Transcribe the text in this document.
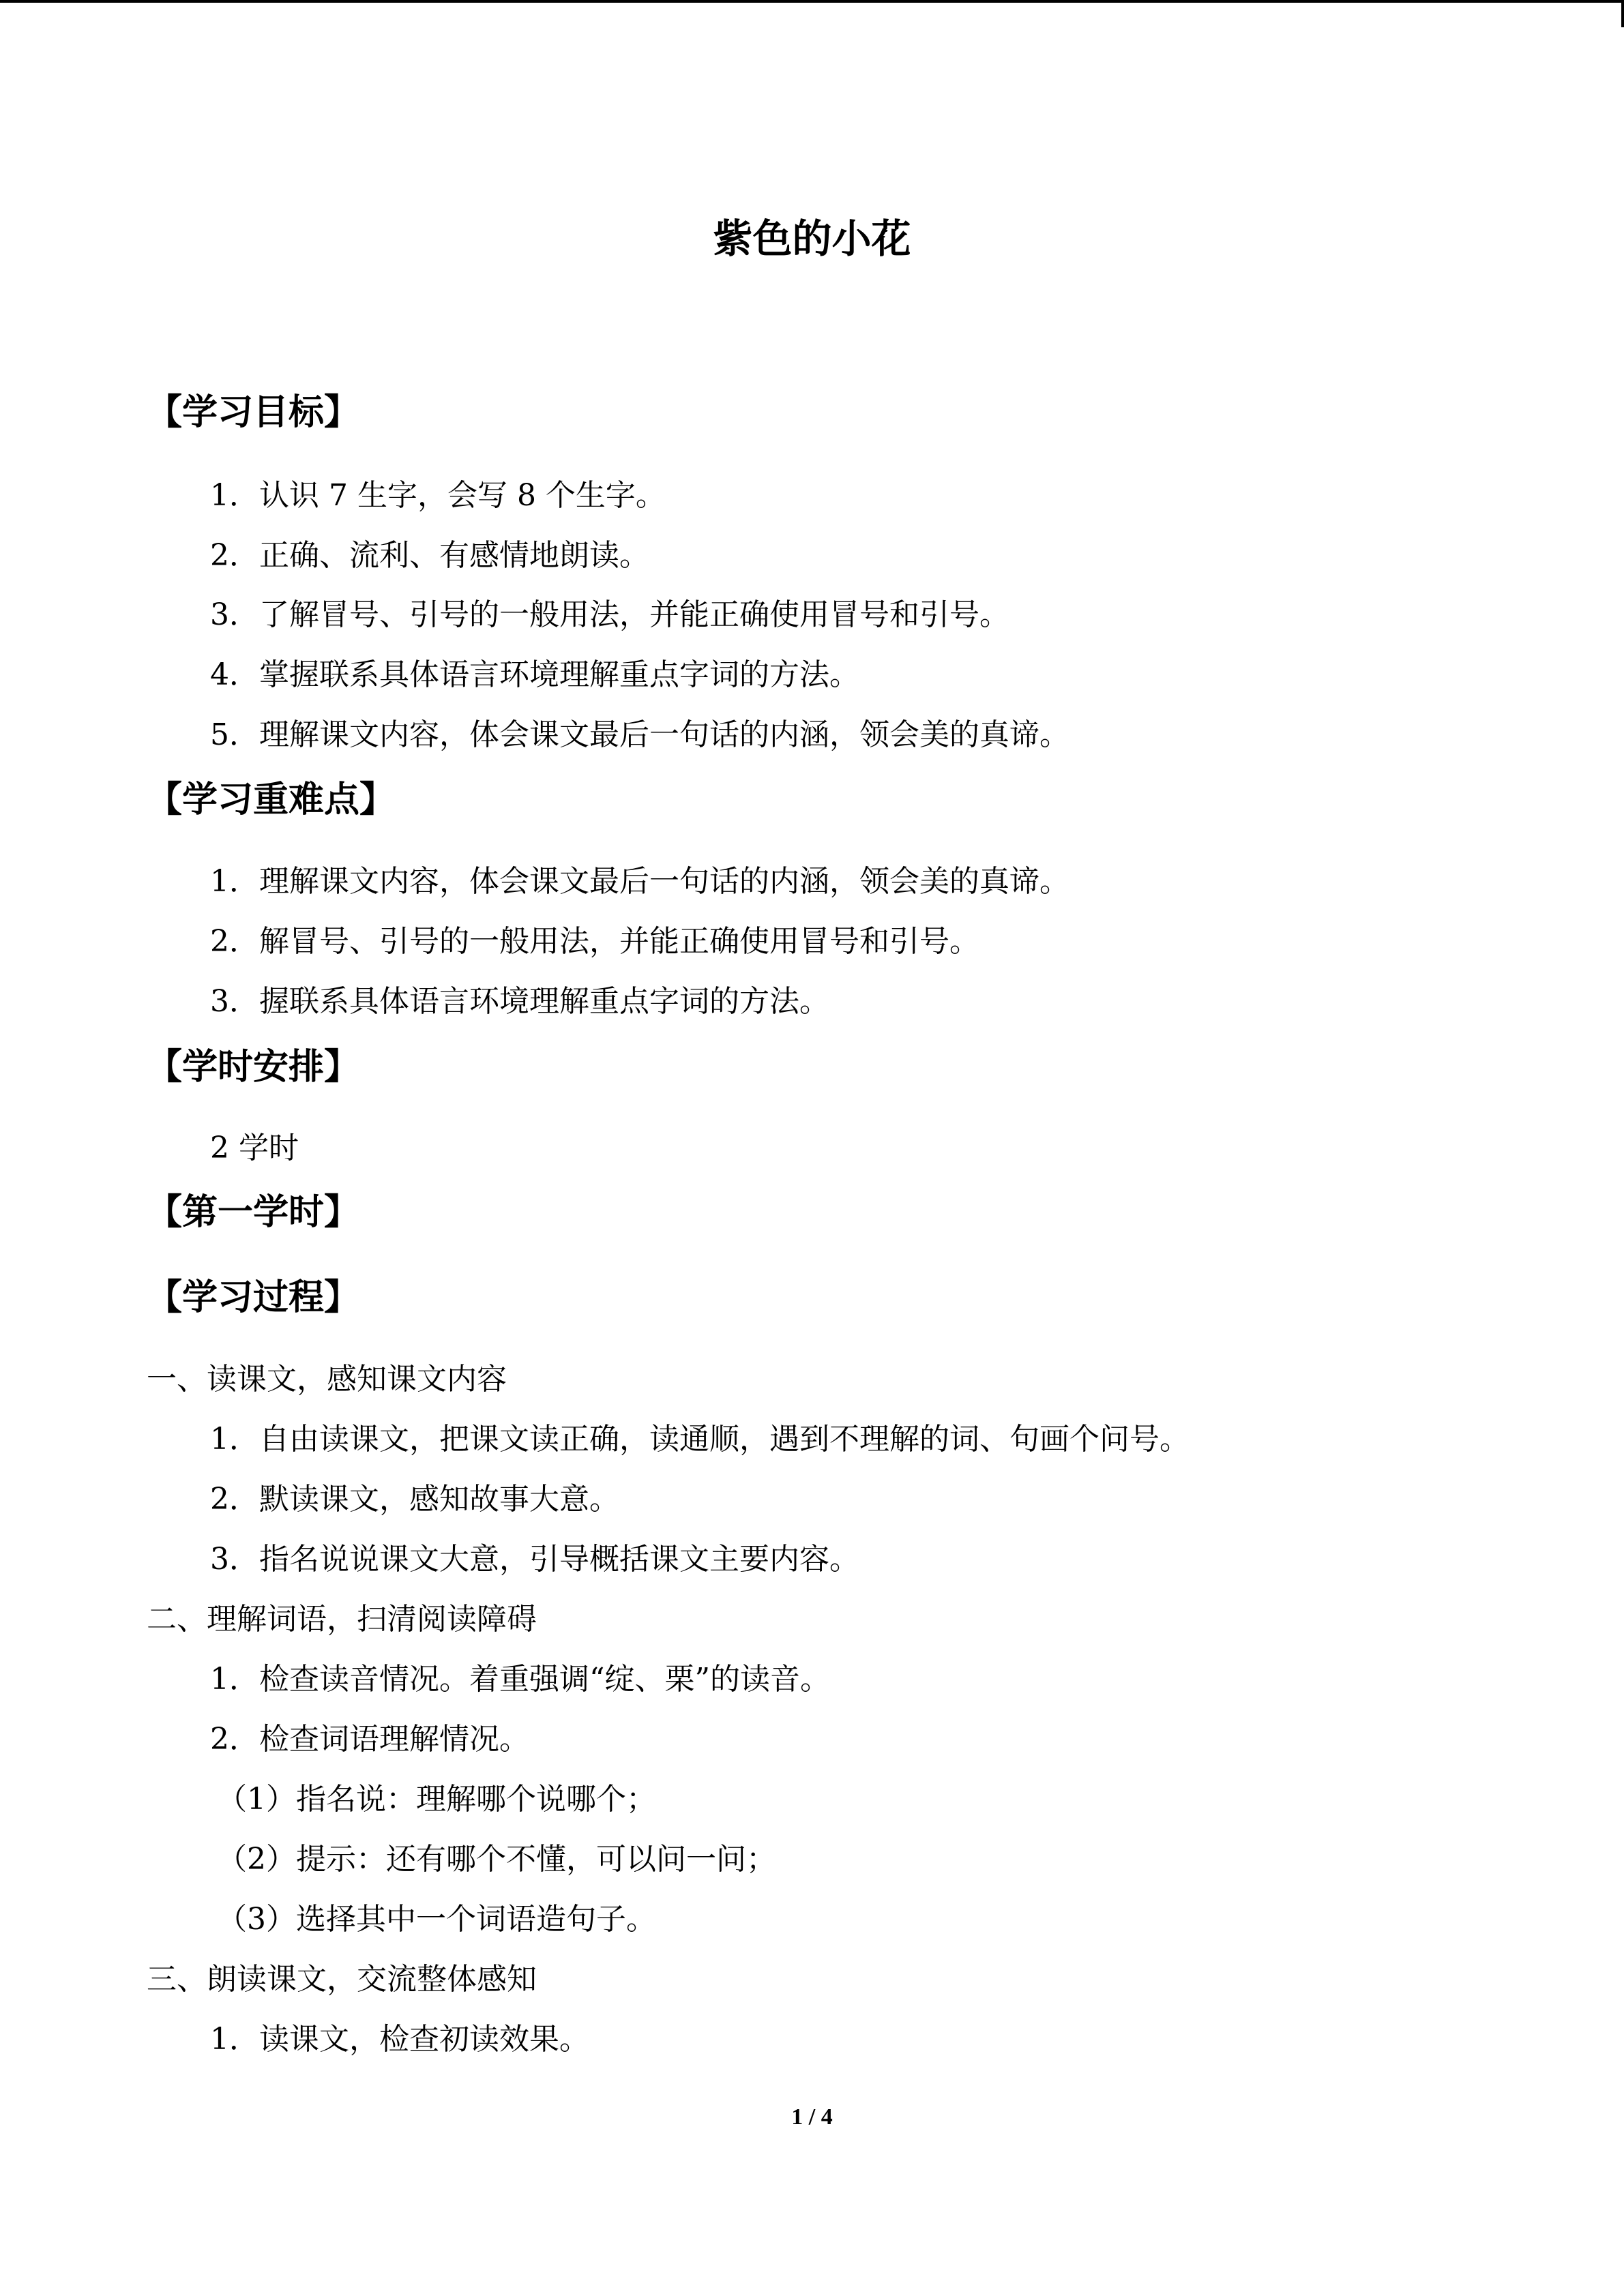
紫色的小花
【学习目标】
1．认识 7 生字，会写 8 个生字。
2．正确、流利、有感情地朗读。
3．了解冒号、引号的一般用法，并能正确使用冒号和引号。
4．掌握联系具体语言环境理解重点字词的方法。
5．理解课文内容，体会课文最后一句话的内涵，领会美的真谛。
【学习重难点】
1．理解课文内容，体会课文最后一句话的内涵，领会美的真谛。
2．解冒号、引号的一般用法，并能正确使用冒号和引号。
3．握联系具体语言环境理解重点字词的方法。
【学时安排】
2 学时
【第一学时】
【学习过程】
一、读课文，感知课文内容
1．自由读课文，把课文读正确，读通顺，遇到不理解的词、句画个问号。
2．默读课文，感知故事大意。
3．指名说说课文大意，引导概括课文主要内容。
二、理解词语，扫清阅读障碍
1．检查读音情况。着重强调“绽、栗”的读音。
2．检查词语理解情况。
（1）指名说：理解哪个说哪个；
（2）提示：还有哪个不懂，可以问一问；
（3）选择其中一个词语造句子。
三、朗读课文，交流整体感知
1．读课文，检查初读效果。
1 / 4
